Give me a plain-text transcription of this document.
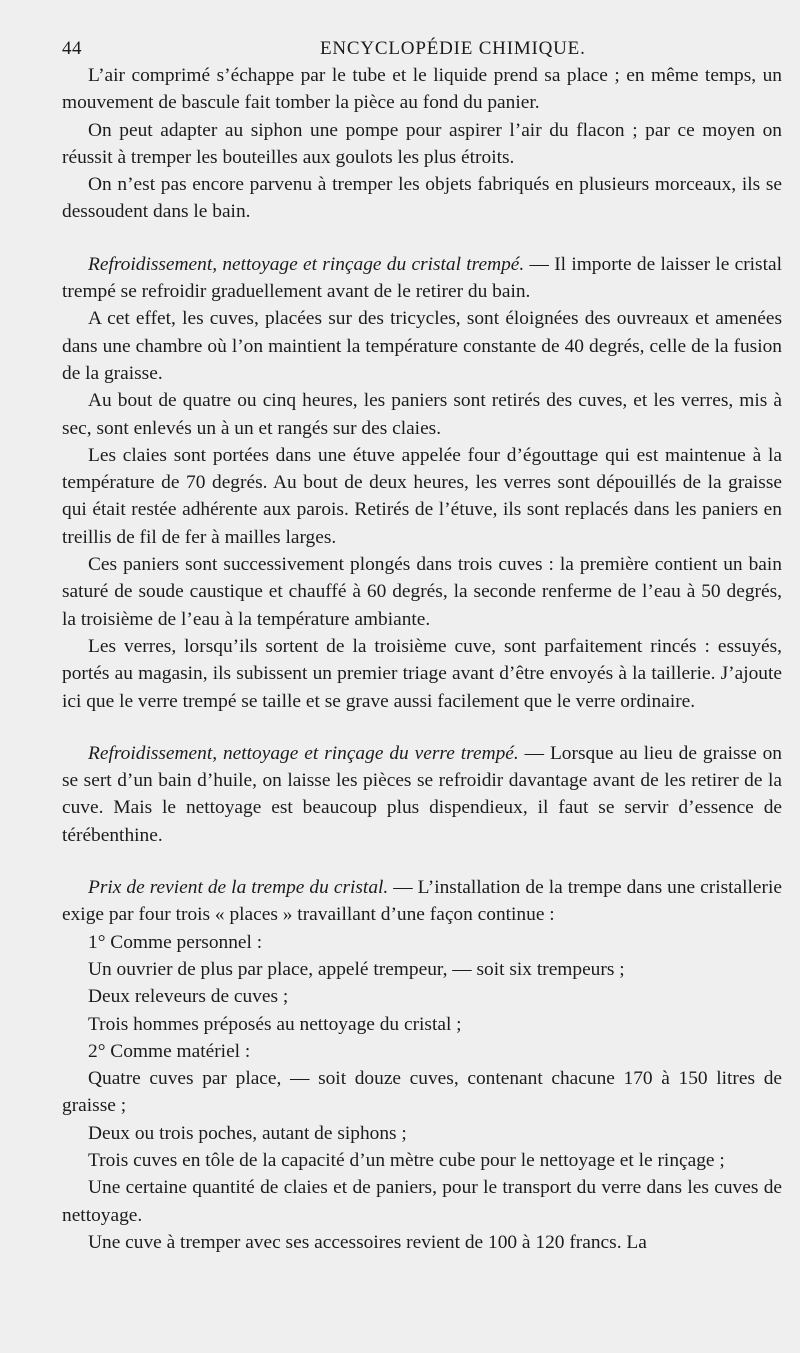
44	ENCYCLOPÉDIE CHIMIQUE.

L’air comprimé s’échappe par le tube et le liquide prend sa place ; en même temps, un mouvement de bascule fait tomber la pièce au fond du panier.

On peut adapter au siphon une pompe pour aspirer l’air du flacon ; par ce moyen on réussit à tremper les bouteilles aux goulots les plus étroits.

On n’est pas encore parvenu à tremper les objets fabriqués en plusieurs morceaux, ils se dessoudent dans le bain.

Refroidissement, nettoyage et rinçage du cristal trempé. — Il importe de laisser le cristal trempé se refroidir graduellement avant de le retirer du bain.

A cet effet, les cuves, placées sur des tricycles, sont éloignées des ouvreaux et amenées dans une chambre où l’on maintient la température constante de 40 degrés, celle de la fusion de la graisse.

Au bout de quatre ou cinq heures, les paniers sont retirés des cuves, et les verres, mis à sec, sont enlevés un à un et rangés sur des claies.

Les claies sont portées dans une étuve appelée four d’égouttage qui est maintenue à la température de 70 degrés. Au bout de deux heures, les verres sont dépouillés de la graisse qui était restée adhérente aux parois. Retirés de l’étuve, ils sont replacés dans les paniers en treillis de fil de fer à mailles larges.

Ces paniers sont successivement plongés dans trois cuves : la première contient un bain saturé de soude caustique et chauffé à 60 degrés, la seconde renferme de l’eau à 50 degrés, la troisième de l’eau à la température ambiante.

Les verres, lorsqu’ils sortent de la troisième cuve, sont parfaitement rincés : essuyés, portés au magasin, ils subissent un premier triage avant d’être envoyés à la taillerie. J’ajoute ici que le verre trempé se taille et se grave aussi facilement que le verre ordinaire.

Refroidissement, nettoyage et rinçage du verre trempé. — Lorsque au lieu de graisse on se sert d’un bain d’huile, on laisse les pièces se refroidir davantage avant de les retirer de la cuve. Mais le nettoyage est beaucoup plus dispendieux, il faut se servir d’essence de térébenthine.

Prix de revient de la trempe du cristal. — L’installation de la trempe dans une cristallerie exige par four trois « places » travaillant d’une façon continue :

1° Comme personnel :

Un ouvrier de plus par place, appelé trempeur, — soit six trempeurs ;

Deux releveurs de cuves ;

Trois hommes préposés au nettoyage du cristal ;

2° Comme matériel :

Quatre cuves par place, — soit douze cuves, contenant chacune 170 à 150 litres de graisse ;

Deux ou trois poches, autant de siphons ;

Trois cuves en tôle de la capacité d’un mètre cube pour le nettoyage et le rinçage ;

Une certaine quantité de claies et de paniers, pour le transport du verre dans les cuves de nettoyage.

Une cuve à tremper avec ses accessoires revient de 100 à 120 francs. La
